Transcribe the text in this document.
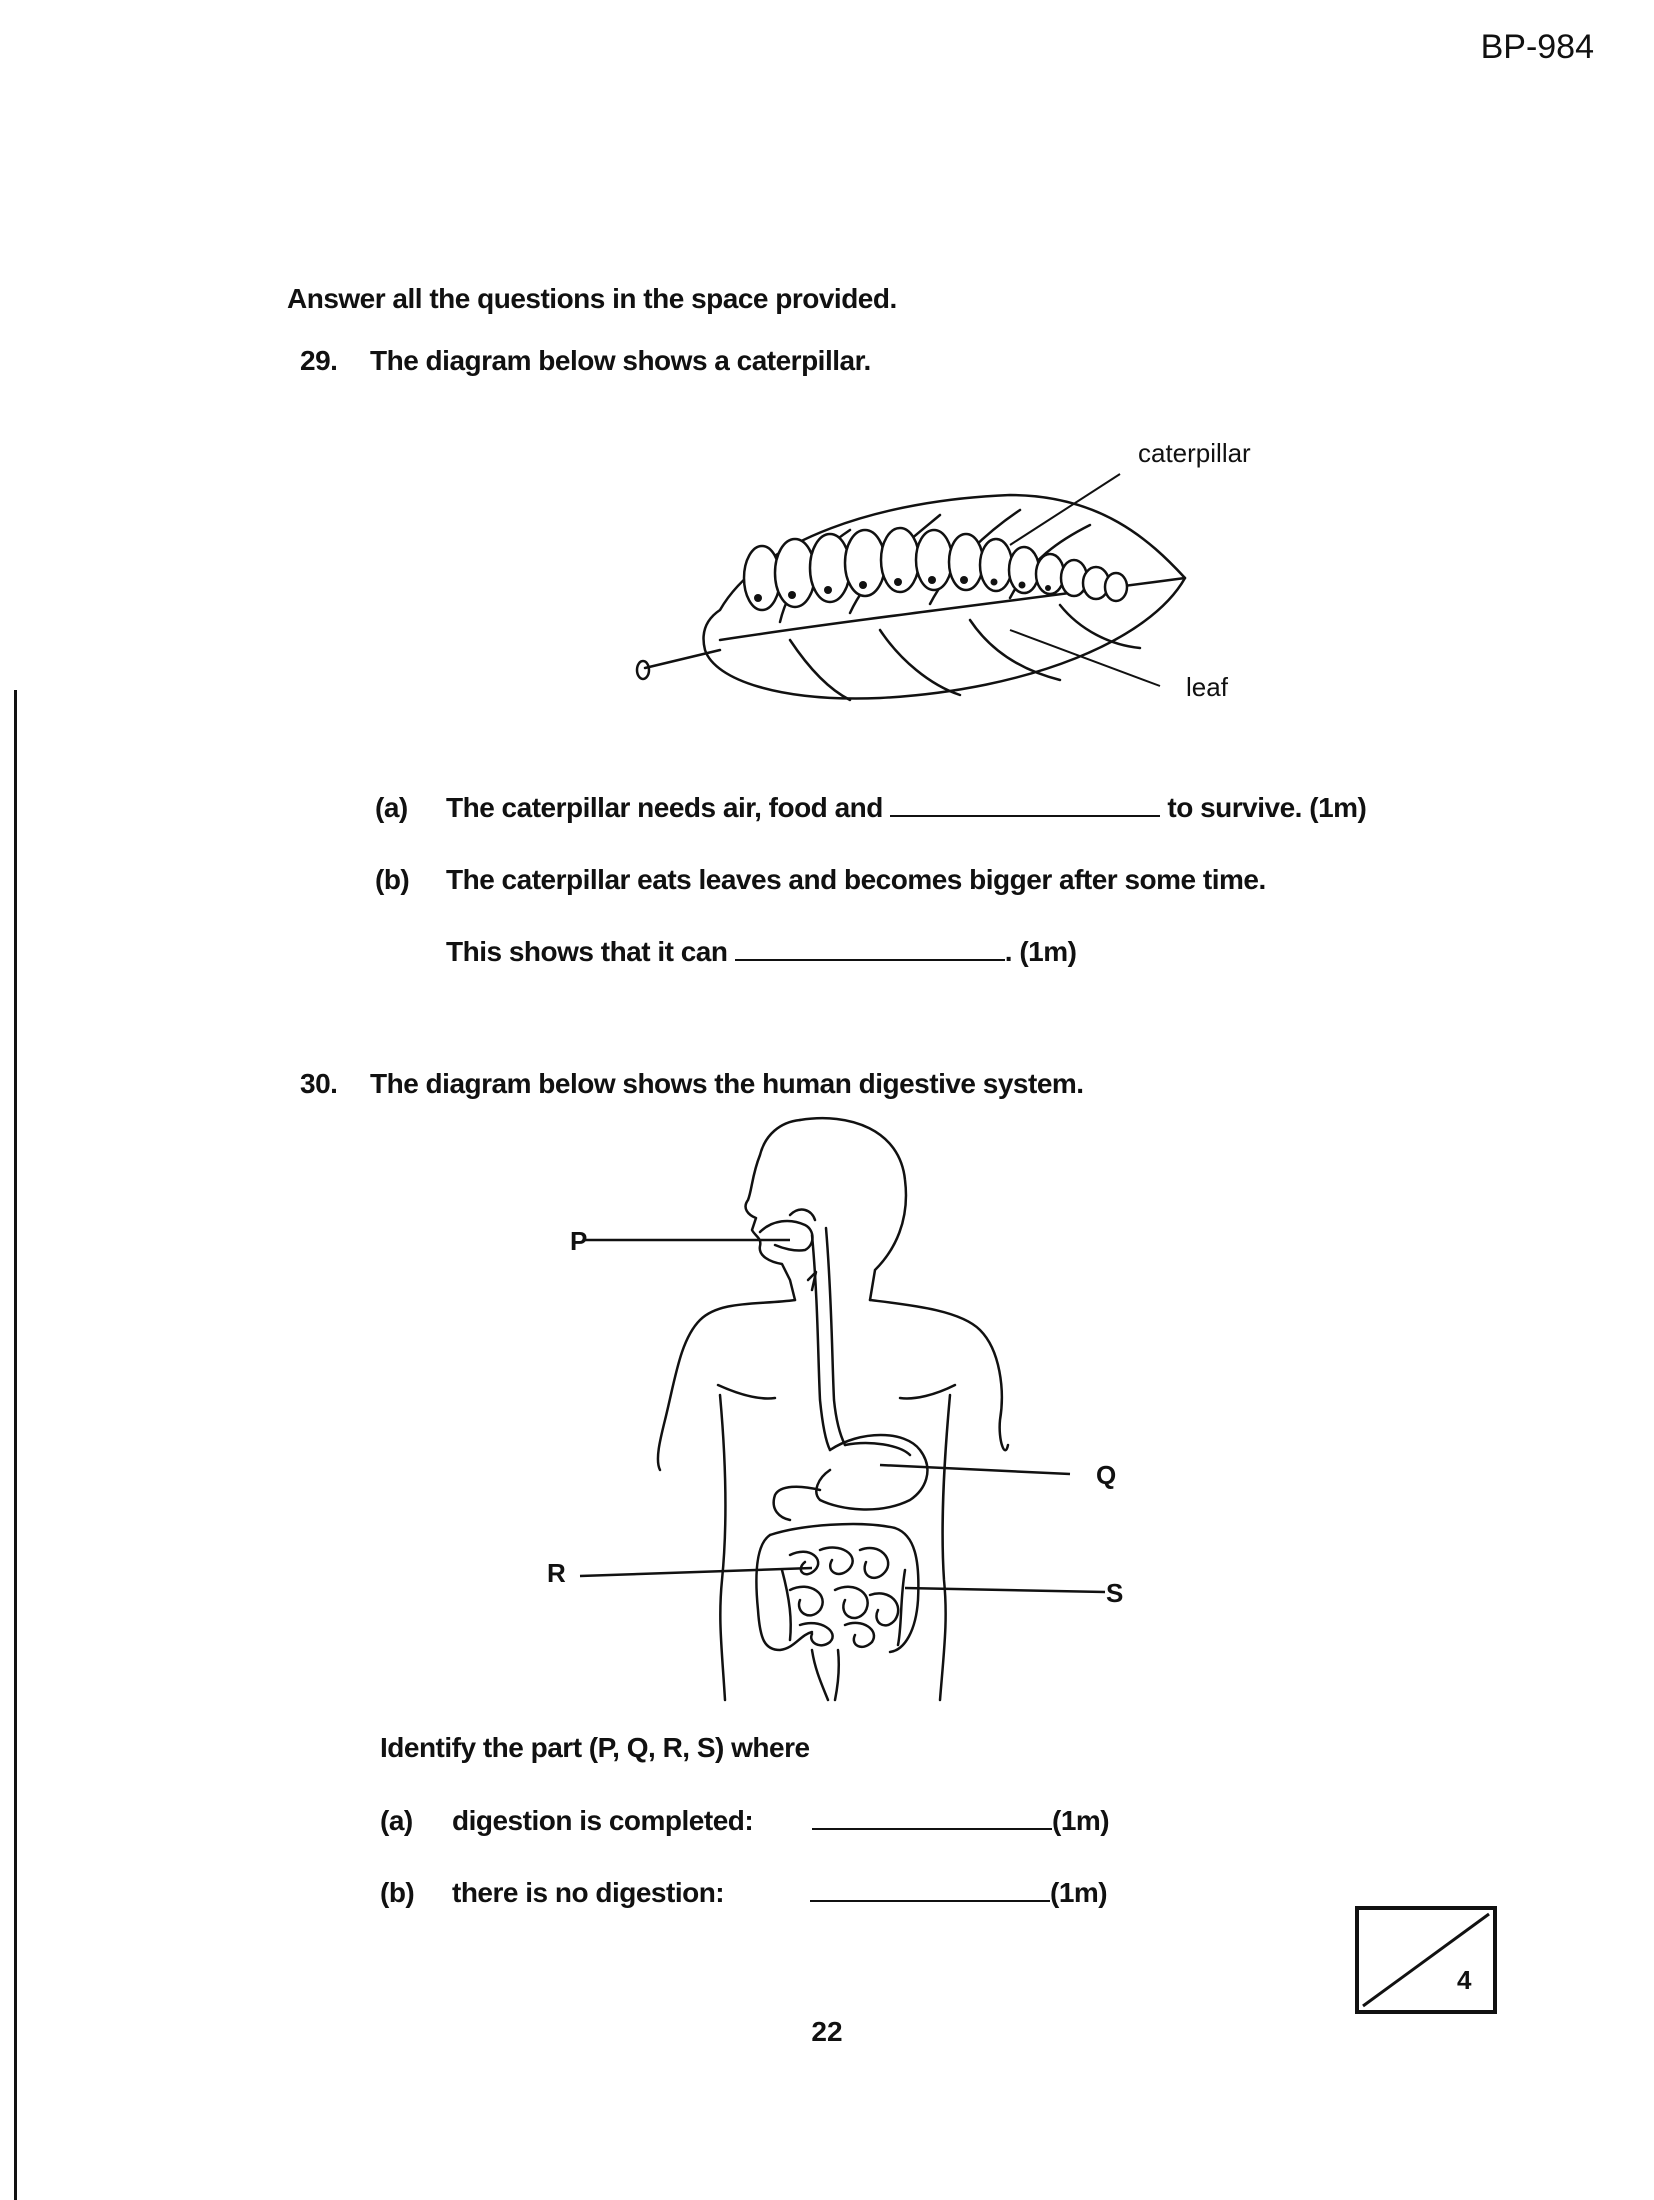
BP-984
Answer all the questions in the space provided.
29. The diagram below shows a caterpillar.
caterpillar
leaf
(a) The caterpillar needs air, food and	to survive. (1m)
(b) The caterpillar eats leaves and becomes bigger after some time.
This shows that it can	. (1m)
30. The diagram below shows the human digestive system.
P
Q
R
S
Identify the part (P, Q, R, S) where
(a) digestion is completed:	(1m)
(b) there is no digestion:	(1m)
4
22
